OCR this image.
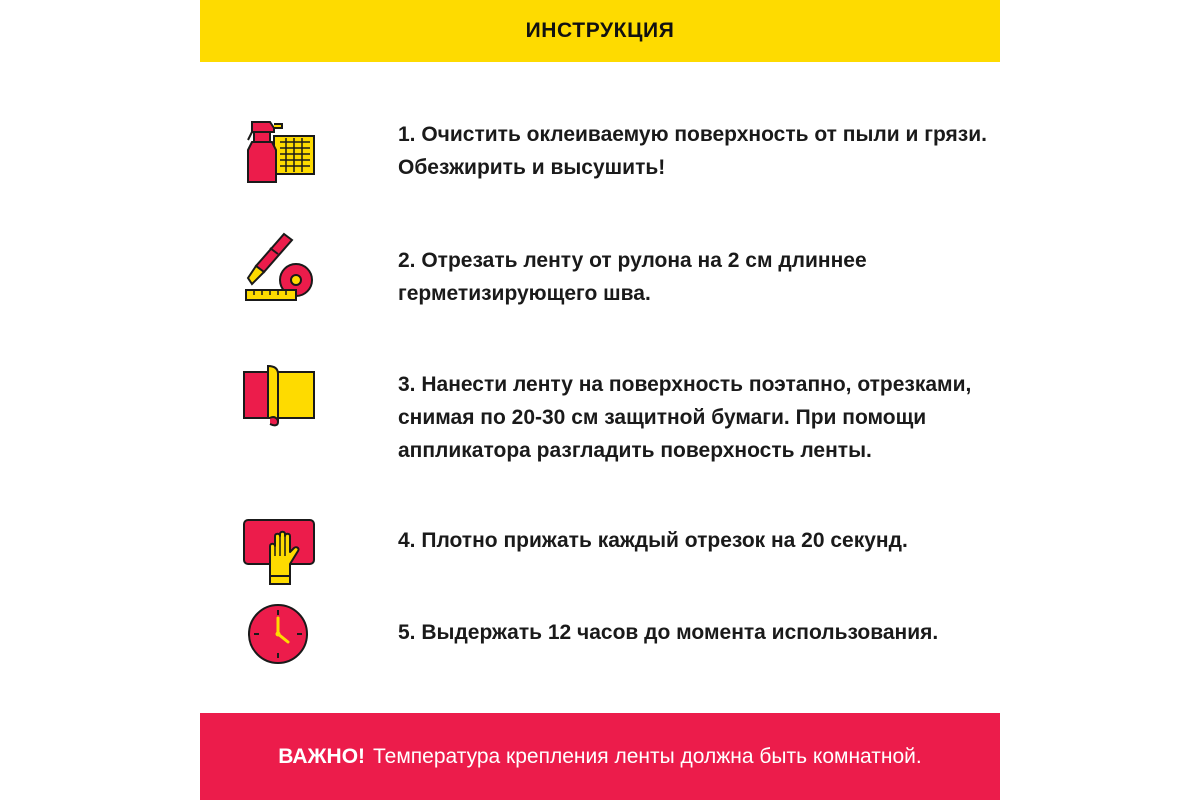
ИНСТРУКЦИЯ
1. Очистить оклеиваемую поверхность от пыли и грязи.
Обезжирить и высушить!
2. Отрезать ленту от рулона на 2 см длиннее
герметизирующего шва.
3. Нанести ленту на поверхность поэтапно, отрезками,
снимая по 20-30 см защитной бумаги. При помощи
аппликатора разгладить поверхность ленты.
4. Плотно прижать каждый отрезок на 20 секунд.
5. Выдержать 12 часов до момента использования.
ВАЖНО! Температура крепления ленты должна быть комнатной.
